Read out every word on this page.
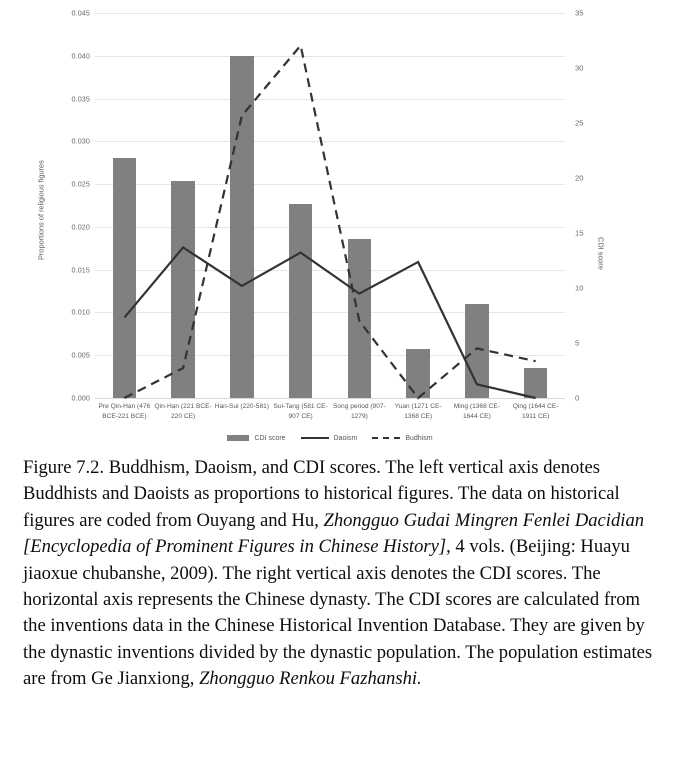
0.000
0.005
0.010
0.015
0.020
0.025
0.030
0.035
0.040
0.045
0
5
10
15
20
25
30
35
Proportions of religious figures	CDI score
Pre Qin-Han (476 BCE-221 BCE)
Qin-Han (221 BCE-220 CE)
Han-Sui (220-581) Sui-Tang (581 CE-907 CE)
Song period (907-1279)
Yuan (1271 CE-1368 CE)
Ming (1368 CE-1644 CE)
Qing (1644 CE-1911 CE)
CDI score	Daoism	Budhism
Figure 7.2. Buddhism, Daoism, and CDI scores. The left vertical axis denotes Buddhists and Daoists as proportions to historical figures. The data on historical figures are coded from Ouyang and Hu, Zhongguo Gudai Mingren Fenlei Dacidian [Encyclopedia of Prominent Figures in Chinese History], 4 vols. (Beijing: Huayu jiaoxue chubanshe, 2009). The right vertical axis denotes the CDI scores. The horizontal axis represents the Chinese dynasty. The CDI scores are calculated from the inventions data in the Chinese Historical Invention Database. They are given by the dynastic inventions divided by the dynastic population. The population estimates are from Ge Jianxiong, Zhongguo Renkou Fazhanshi.
